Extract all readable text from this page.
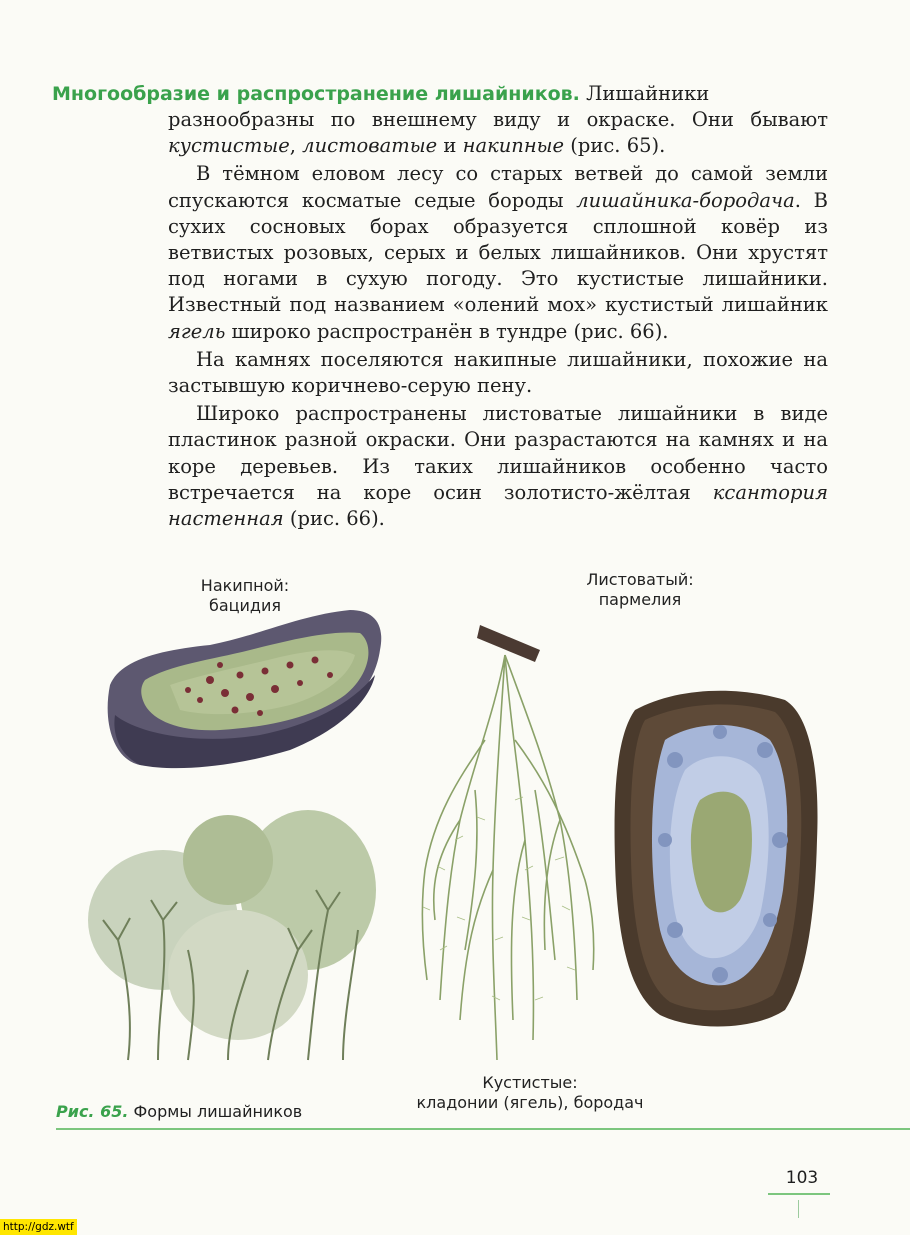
Многообразие и распространение лишайников. Лишайники

разнообразны по внешнему виду и окраске. Они бывают кустистые, листоватые и накипные (рис. 65).

В тёмном еловом лесу со старых ветвей до самой земли спускаются косматые седые бороды лишайника-бородача. В сухих сосновых борах образуется сплошной ковёр из ветвистых розовых, серых и белых лишайников. Они хрустят под ногами в сухую погоду. Это кустистые лишайники. Известный под названием «олений мох» кустистый лишайник ягель широко распространён в тундре (рис. 66).

На камнях поселяются накипные лишайники, похожие на застывшую коричнево-серую пену.

Широко распространены листоватые лишайники в виде пластинок разной окраски. Они разрастаются на камнях и на коре деревьев. Из таких лишайников особенно часто встречается на коре осин золотисто-жёлтая ксантория настенная (рис. 66).

Накипной:
бацидия
Листоватый:
пармелия
Кустистые:
кладонии (ягель), бородач
Рис. 65. Формы лишайников
103
http://gdz.wtf
